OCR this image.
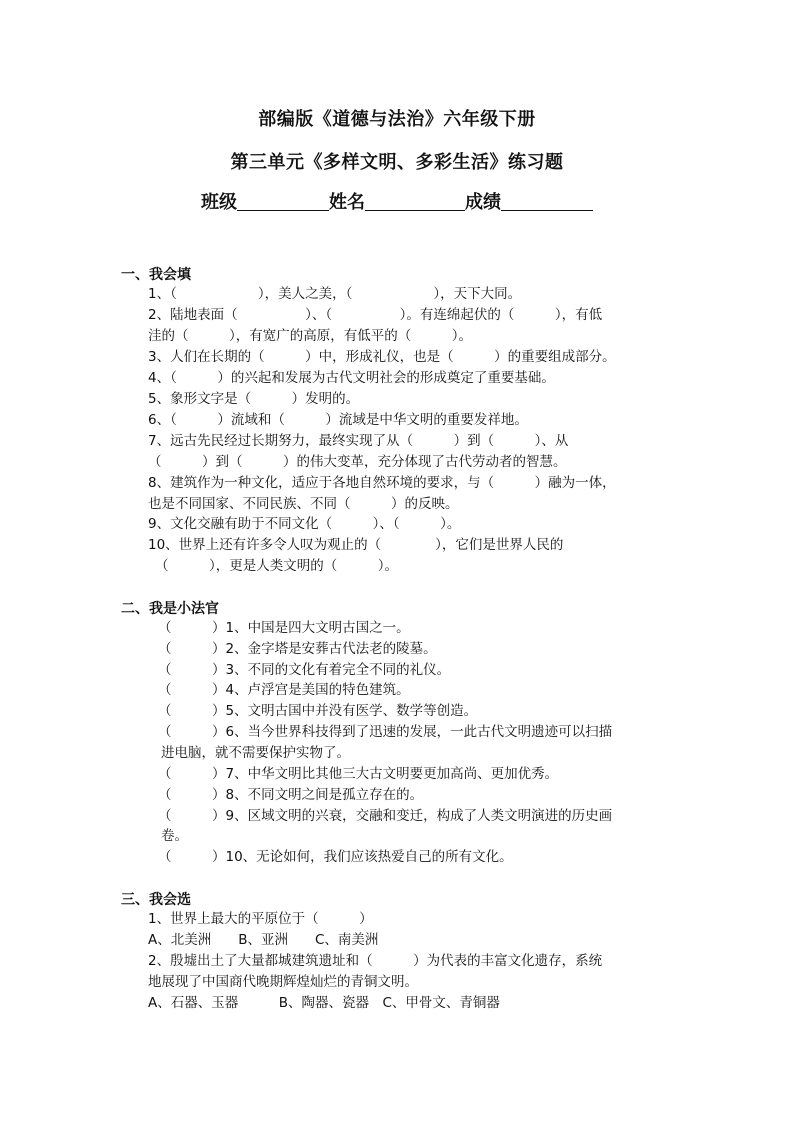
部编版《道德与法治》六年级下册
第三单元《多样文明、多彩生活》练习题
班级	姓名	成绩
一、我会填
1、（　　　　　　），美人之美，（　　　　　　），天下大同。
2、陆地表面（　　　　　）、（　　　　　）。有连绵起伏的（　　　），有低
洼的（　　　），有宽广的高原，有低平的（　　　）。
3、人们在长期的（　　　）中，形成礼仪，也是（　　　）的重要组成部分。
4、（　　　）的兴起和发展为古代文明社会的形成奠定了重要基础。
5、象形文字是（　　　）发明的。
6、（　　　）流域和（　　　）流域是中华文明的重要发祥地。
7、远古先民经过长期努力，最终实现了从（　　　）到（　　　）、从
（　　　）到（　　　）的伟大变革，充分体现了古代劳动者的智慧。
8、建筑作为一种文化，适应于各地自然环境的要求，与（　　　）融为一体，
也是不同国家、不同民族、不同（　　　）的反映。
9、文化交融有助于不同文化（　　　）、（　　　）。
10、世界上还有许多令人叹为观止的（　　　　），它们是世界人民的
（　　　），更是人类文明的（　　　）。
二、我是小法官
（　　　）1、中国是四大文明古国之一。
（　　　）2、金字塔是安葬古代法老的陵墓。
（　　　）3、不同的文化有着完全不同的礼仪。
（　　　）4、卢浮宫是美国的特色建筑。
（　　　）5、文明古国中并没有医学、数学等创造。
（　　　）6、当今世界科技得到了迅速的发展，一此古代文明遗迹可以扫描
进电脑，就不需要保护实物了。
（　　　）7、中华文明比其他三大古文明要更加高尚、更加优秀。
（　　　）8、不同文明之间是孤立存在的。
（　　　）9、区域文明的兴衰，交融和变迁，构成了人类文明演进的历史画
卷。
（　　　）10、无论如何，我们应该热爱自己的所有文化。
三、我会选
1、世界上最大的平原位于（　　　）
A、北美洲　　B、亚洲　　C、南美洲
2、殷墟出土了大量都城建筑遗址和（　　　）为代表的丰富文化遗存，系统
地展现了中国商代晚期辉煌灿烂的青铜文明。
A、石器、玉器　　　B、陶器、瓷器　C、甲骨文、青铜器
